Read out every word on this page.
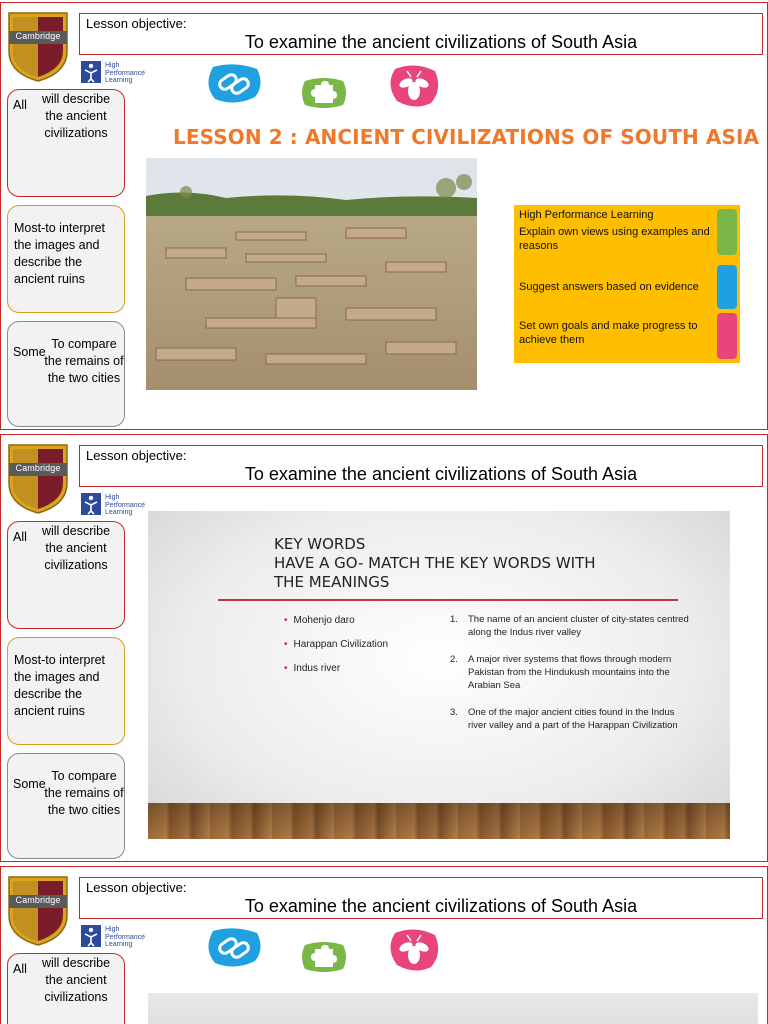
Cambridge
Lesson objective:
To examine the ancient civilizations of South Asia
High
Performance
Learning
All	will describe the ancient civilizations
Most-to interpret the images and describe the ancient ruins
Some
To compare the remains of the two cities
LESSON 2 : ANCIENT CIVILIZATIONS OF SOUTH ASIA
High Performance Learning
Explain own views using examples and reasons
Suggest answers based on evidence
Set own goals and make progress to achieve them
Cambridge
Lesson objective:
To examine the ancient civilizations of South Asia
High
Performance
Learning
All	will describe the ancient civilizations
Most-to interpret the images and describe the ancient ruins
Some
To compare the remains of the two cities
KEY WORDS
HAVE A GO- MATCH THE KEY WORDS WITH
THE MEANINGS
• Mohenjo daro
• Harappan Civilization
• Indus river
1. The name of an ancient cluster of city-states centred along the Indus river valley
2. A major river systems that flows through modern Pakistan from the Hindukush mountains into the Arabian Sea
3. One of the major ancient cities found in the Indus river valley and a part of the Harappan Civilization
Cambridge
Lesson objective:
To examine the ancient civilizations of South Asia
High
Performance
Learning
All	will describe the ancient civilizations
